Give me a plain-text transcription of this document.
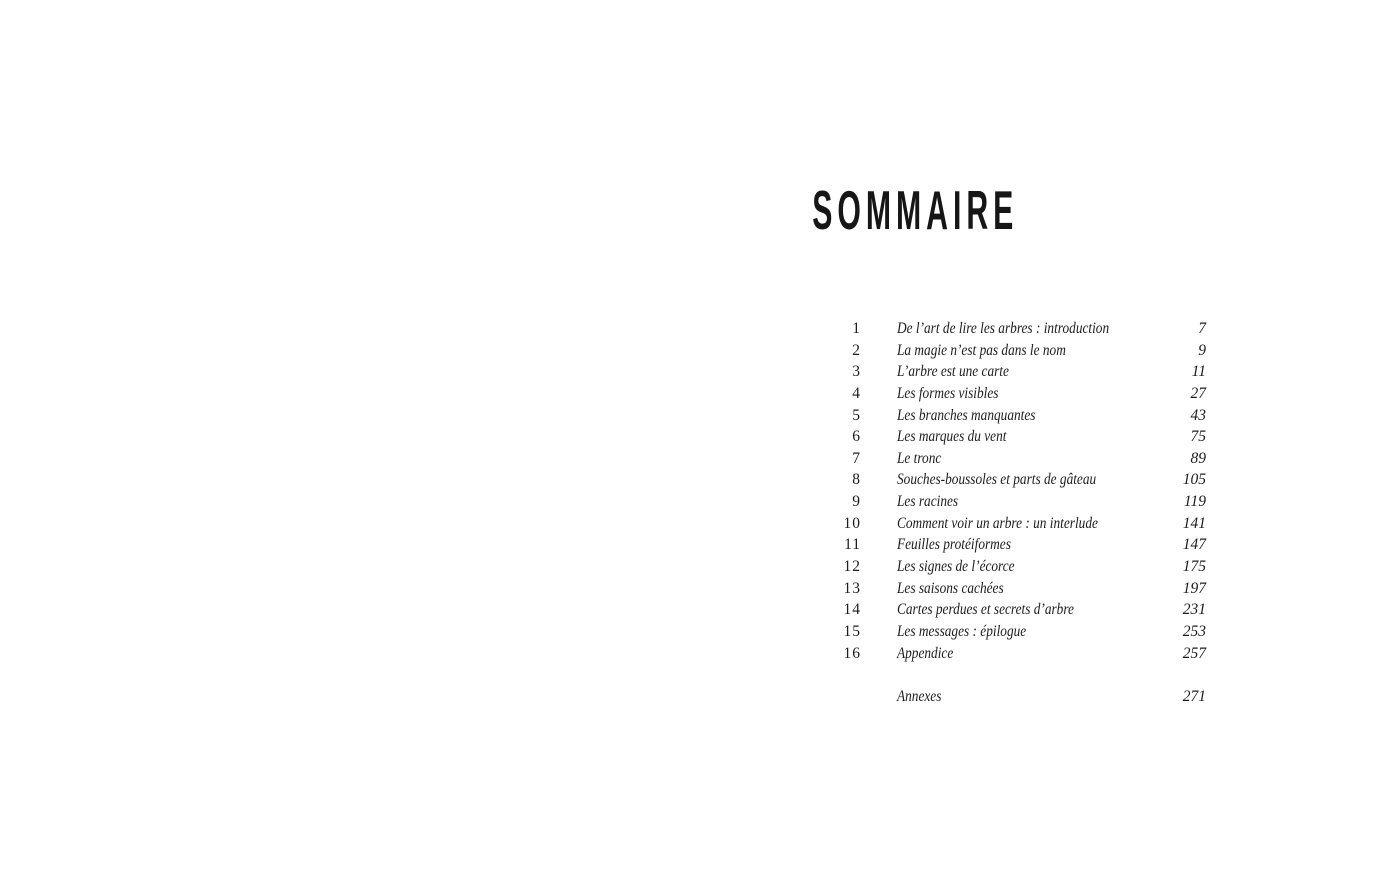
SOMMAIRE
1 De l’art de lire les arbres : introduction	7
2 La magie n’est pas dans le nom	9
3 L’arbre est une carte	11
4 Les formes visibles	27
5 Les branches manquantes	43
6 Les marques du vent	75
7 Le tronc	89
8 Souches-boussoles et parts de gâteau	105
9 Les racines	119
10 Comment voir un arbre : un interlude	141
11 Feuilles protéiformes	147
12 Les signes de l’écorce	175
13 Les saisons cachées	197
14 Cartes perdues et secrets d’arbre	231
15 Les messages : épilogue	253
16 Appendice	257
Annexes	271
